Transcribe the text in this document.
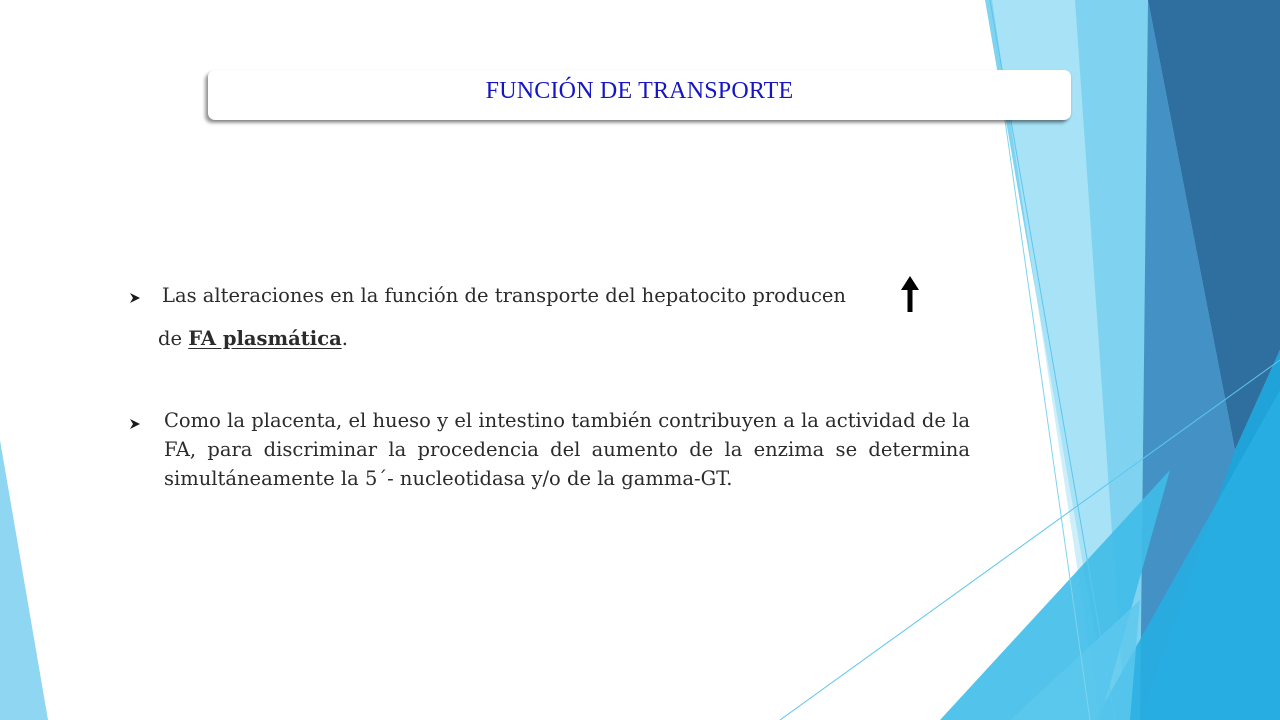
FUNCIÓN DE TRANSPORTE
Las alteraciones en la función de transporte del hepatocito producen
de FA plasmática.
Como la placenta, el hueso y el intestino también contribuyen a la actividad de la FA, para discriminar la procedencia del aumento de la enzima se determina simultáneamente la 5´- nucleotidasa y/o de la gamma-GT.
